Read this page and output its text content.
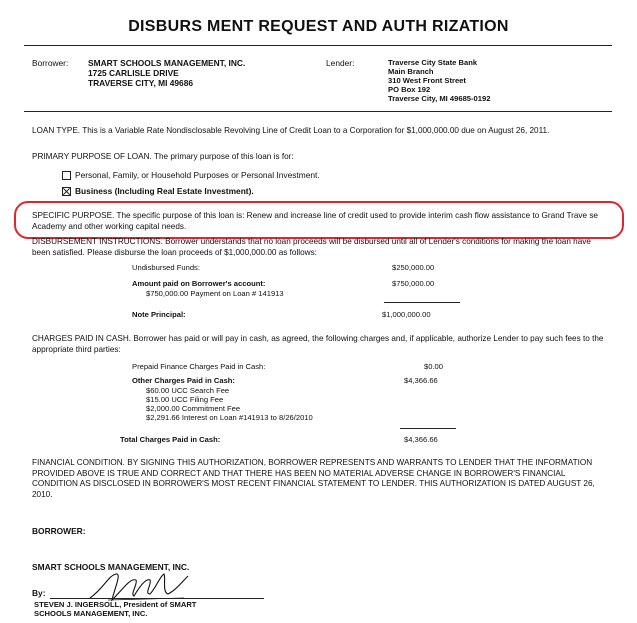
DISBURS MENT REQUEST AND AUTH RIZATION
Borrower: SMART SCHOOLS MANAGEMENT, INC.
1725 CARLISLE DRIVE
TRAVERSE CITY, MI 49686
Lender:	Traverse City State Bank
Main Branch
310 West Front Street
PO Box 192
Traverse City, MI 49685-0192
LOAN TYPE. This is a Variable Rate Nondisclosable Revolving Line of Credit Loan to a Corporation for $1,000,000.00 due on August 26, 2011.
PRIMARY PURPOSE OF LOAN. The primary purpose of this loan is for:
Personal, Family, or Household Purposes or Personal Investment.
Business (Including Real Estate Investment).
SPECIFIC PURPOSE. The specific purpose of this loan is: Renew and increase line of credit used to provide interim cash flow assistance to Grand Trave se Academy and other working capital needs.
DISBURSEMENT INSTRUCTIONS. Borrower understands that no loan proceeds will be disbursed until all of Lender's conditions for making the loan have been satisfied. Please disburse the loan proceeds of $1,000,000.00 as follows:
Undisbursed Funds:	$250,000.00
Amount paid on Borrower's account:	$750,000.00
$750,000.00 Payment on Loan # 141913
Note Principal:	$1,000,000.00
CHARGES PAID IN CASH. Borrower has paid or will pay in cash, as agreed, the following charges and, if applicable, authorize Lender to pay such fees to the appropriate third parties:
Prepaid Finance Charges Paid in Cash:	$0.00
Other Charges Paid in Cash:	$4,366.66
$60.00 UCC Search Fee
$15.00 UCC Filing Fee
$2,000.00 Commitment Fee
$2,291.66 Interest on Loan #141913 to 8/26/2010
Total Charges Paid in Cash:	$4,366.66
FINANCIAL CONDITION. BY SIGNING THIS AUTHORIZATION, BORROWER REPRESENTS AND WARRANTS TO LENDER THAT THE INFORMATION PROVIDED ABOVE IS TRUE AND CORRECT AND THAT THERE HAS BEEN NO MATERIAL ADVERSE CHANGE IN BORROWER'S FINANCIAL CONDITION AS DISCLOSED IN BORROWER'S MOST RECENT FINANCIAL STATEMENT TO LENDER. THIS AUTHORIZATION IS DATED AUGUST 26, 2010.
BORROWER:
SMART SCHOOLS MANAGEMENT, INC.
By:
STEVEN J. INGERSOLL, President of SMART
SCHOOLS MANAGEMENT, INC.
